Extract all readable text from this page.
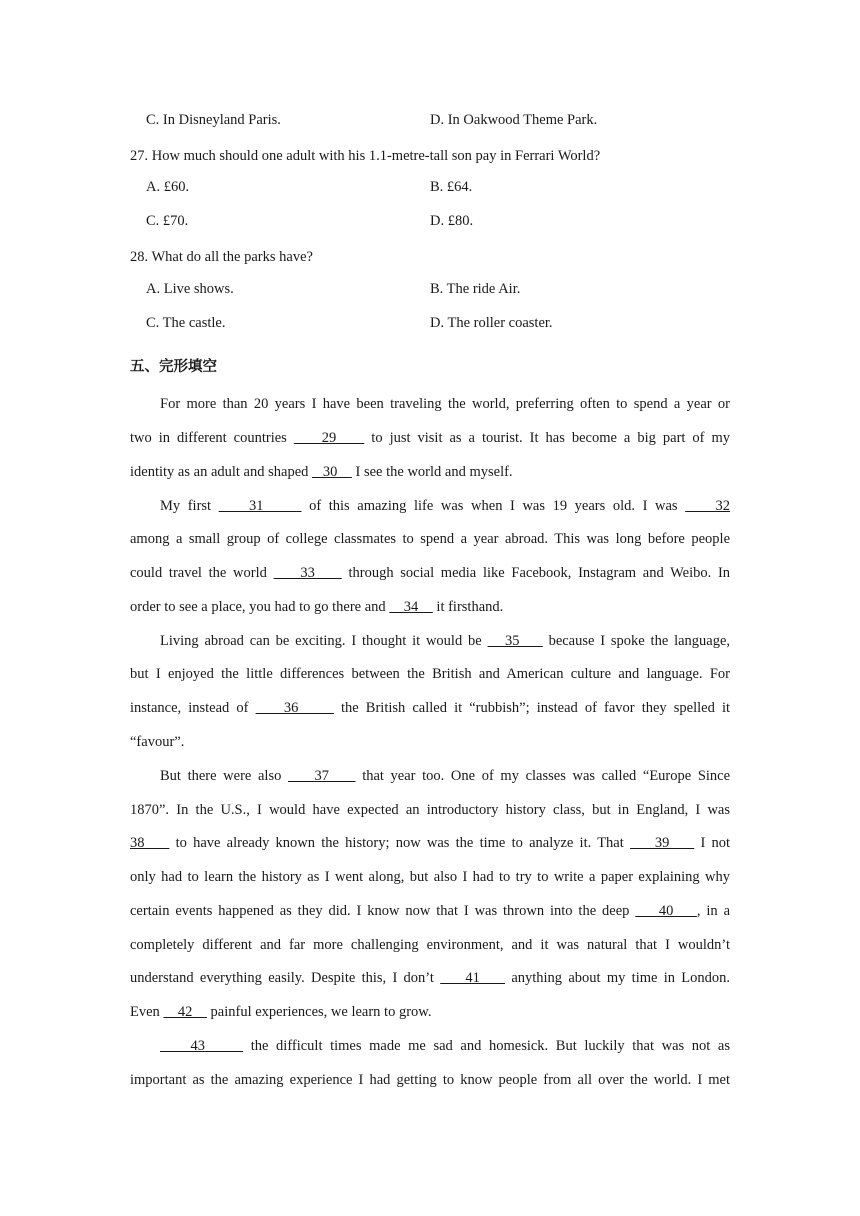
C. In Disneyland Paris.	D. In Oakwood Theme Park.
27. How much should one adult with his 1.1-metre-tall son pay in Ferrari World?
A. £60.	B. £64.
C. £70.	D. £80.
28. What do all the parks have?
A. Live shows.	B. The ride Air.
C. The castle.	D. The roller coaster.
五、完形填空
For more than 20 years I have been traveling the world, preferring often to spend a year or
two in different countries     29     to just visit as a tourist. It has become a big part of my
identity as an adult and shaped    30     I see the world and myself.
My first     31      of this amazing life was when I was 19 years old. I was     32
among a small group of college classmates to spend a year abroad. This was long before people
could travel the world     33     through social media like Facebook, Instagram and Weibo. In
order to see a place, you had to go there and     34     it firsthand.
Living abroad can be exciting. I thought it would be    35     because I spoke the language,
but I enjoyed the little differences between the British and American culture and language. For
instance, instead of     36      the British called it “rubbish”; instead of favor they spelled it
“favour”.
But there were also     37     that year too. One of my classes was called “Europe Since
1870”. In the U.S., I would have expected an introductory history class, but in England, I was
38     to have already known the history; now was the time to analyze it. That     39     I not
only had to learn the history as I went along, but also I had to try to write a paper explaining why
certain events happened as they did. I know now that I was thrown into the deep     40    , in a
completely different and far more challenging environment, and it was natural that I wouldn’t
understand everything easily. Despite this, I don’t     41     anything about my time in London.
Even     42     painful experiences, we learn to grow.
43      the difficult times made me sad and homesick. But luckily that was not as
important as the amazing experience I had getting to know people from all over the world. I met
